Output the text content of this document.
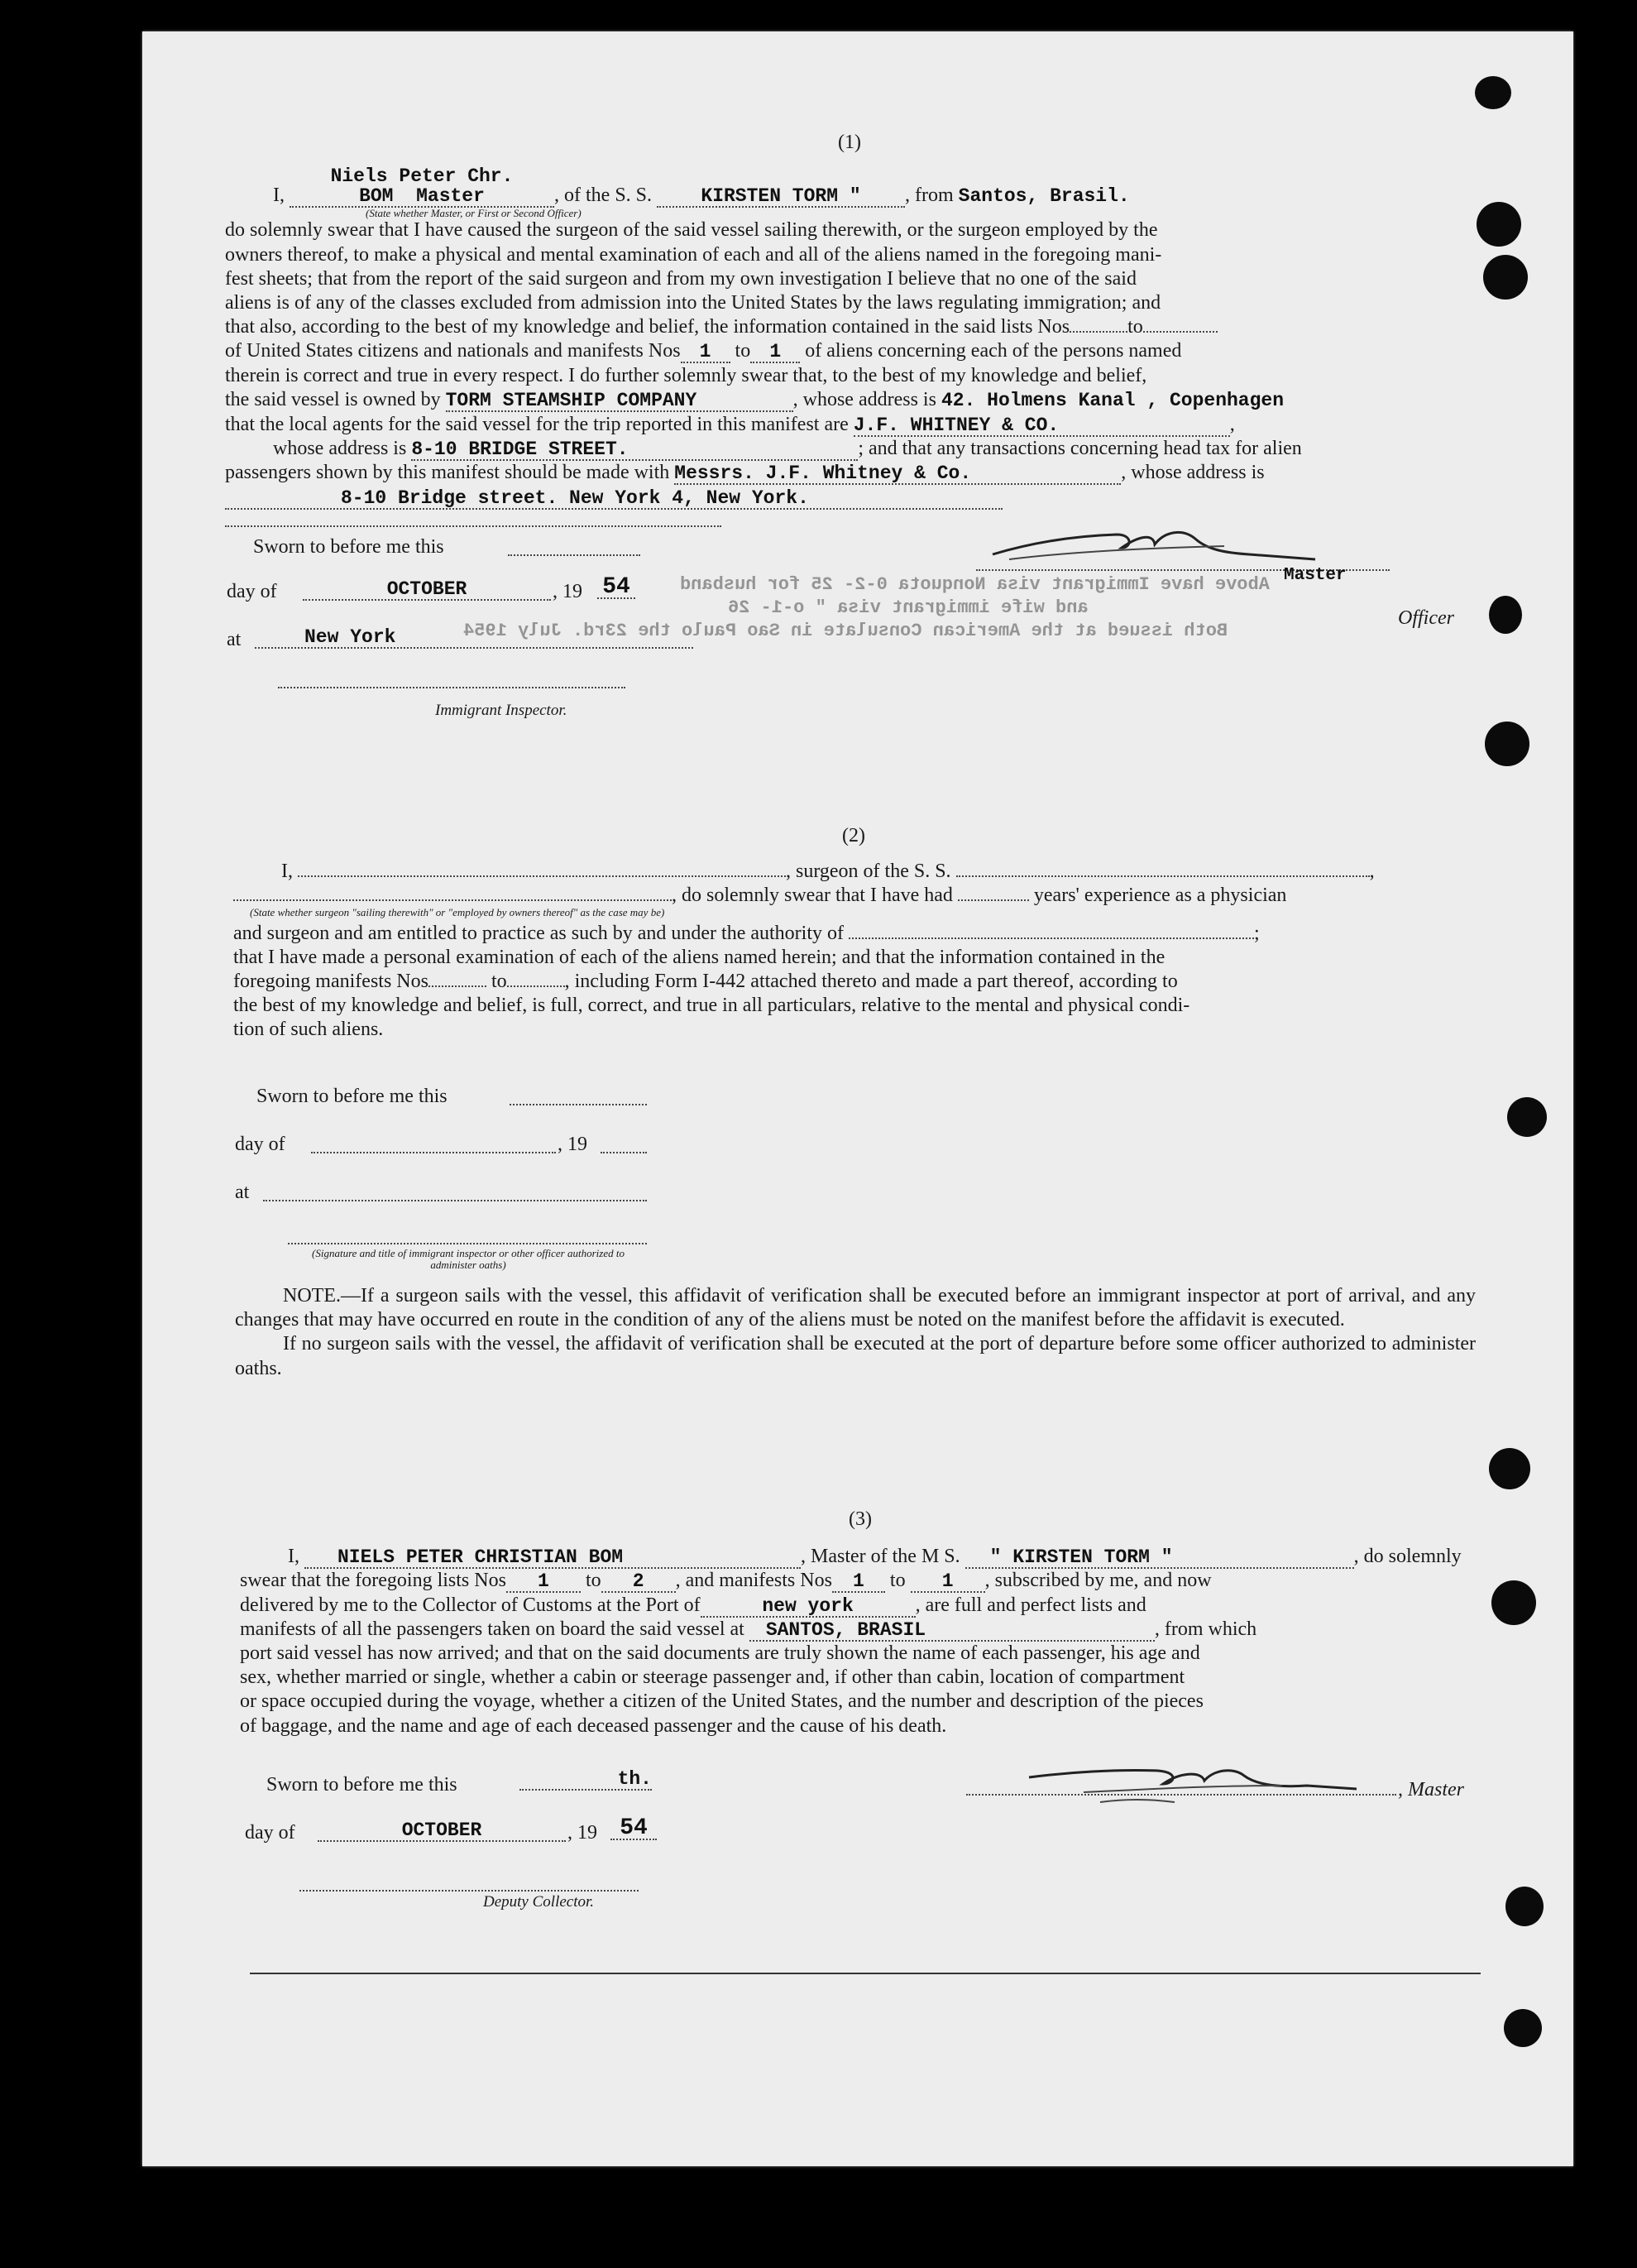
Above have Immigrant visa Nonquota 0-2- 25 for husband
and wife immigrant visa " o-1- 26
Both issued at the American Consulate in Sao Paulo the 23rd. July 1954
(1)
I, Niels Peter Chr. BOM Master	, of the S. S.	KIRSTEN TORM " , from Santos, Brasil.
(State whether Master, or First or Second Officer)
do solemnly swear that I have caused the surgeon of the said vessel sailing therewith, or the surgeon employed by the
owners thereof, to make a physical and mental examination of each and all of the aliens named in the foregoing mani-
fest sheets; that from the report of the said surgeon and from my own investigation I believe that no one of the said
aliens is of any of the classes excluded from admission into the United States by the laws regulating immigration; and
that also, according to the best of my knowledge and belief, the information contained in the said lists Nos	to
of United States citizens and nationals and manifests Nos 1 to 1 of aliens concerning each of the persons named
therein is correct and true in every respect. I do further solemnly swear that, to the best of my knowledge and belief,
the said vessel is owned by TORM STEAMSHIP COMPANY	, whose address is 42. Holmens Kanal , Copenhagen
that the local agents for the said vessel for the trip reported in this manifest are J.F. WHITNEY & CO.	,
whose address is 8-10 BRIDGE STREET.	; and that any transactions concerning head tax for alien
passengers shown by this manifest should be made with Messrs. J.F. Whitney & Co.	, whose address is
8-10 Bridge street. New York 4, New York.
Sworn to before me this
day of	OCTOBER	, 19 54
at	New York
Immigrant Inspector.
Master
Officer
(2)
I,	, surgeon of the S. S.	,
, do solemnly swear that I have had	years' experience as a physician
(State whether surgeon "sailing therewith" or "employed by owners thereof" as the case may be)
and surgeon and am entitled to practice as such by and under the authority of	;
that I have made a personal examination of each of the aliens named herein; and that the information contained in the
foregoing manifests Nos	to	, including Form I-442 attached thereto and made a part thereof, according to
the best of my knowledge and belief, is full, correct, and true in all particulars, relative to the mental and physical condi-
tion of such aliens.
Sworn to before me this
day of	, 19
at
(Signature and title of immigrant inspector or other officer authorized to administer oaths)
NOTE.—If a surgeon sails with the vessel, this affidavit of verification shall be executed before an immigrant inspector at port of arrival, and any changes that may have occurred en route in the condition of any of the aliens must be noted on the manifest before the affidavit is executed.
If no surgeon sails with the vessel, the affidavit of verification shall be executed at the port of departure before some officer authorized to administer oaths.
(3)
I, NIELS PETER CHRISTIAN BOM	, Master of the M S. " KIRSTEN TORM "	, do solemnly
swear that the foregoing lists Nos 1 to 2 , and manifests Nos 1 to 1 , subscribed by me, and now
delivered by me to the Collector of Customs at the Port of	new york	, are full and perfect lists and
manifests of all the passengers taken on board the said vessel at SANTOS, BRASIL	, from which
port said vessel has now arrived; and that on the said documents are truly shown the name of each passenger, his age and
sex, whether married or single, whether a cabin or steerage passenger and, if other than cabin, location of compartment
or space occupied during the voyage, whether a citizen of the United States, and the number and description of the pieces
of baggage, and the name and age of each deceased passenger and the cause of his death.
Sworn to before me this	th.
day of	OCTOBER	, 19 54
Deputy Collector.
, Master
